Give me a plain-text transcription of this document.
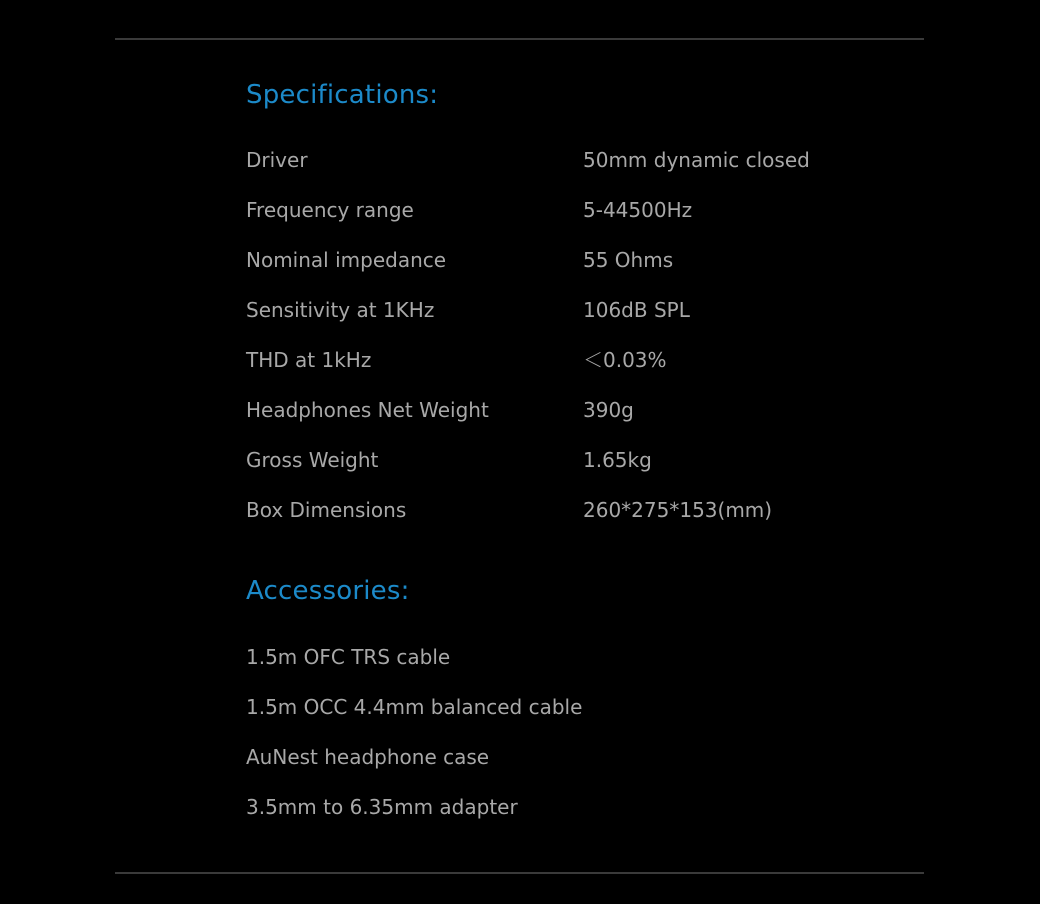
Specifications:
Driver	50mm dynamic closed
Frequency range	5-44500Hz
Nominal impedance	55 Ohms
Sensitivity at 1KHz	106dB SPL
THD at 1kHz	＜0.03%
Headphones Net Weight	390g
Gross Weight	1.65kg
Box Dimensions	260*275*153(mm)
Accessories:
1.5m OFC TRS cable
1.5m OCC 4.4mm balanced cable
AuNest headphone case
3.5mm to 6.35mm adapter
